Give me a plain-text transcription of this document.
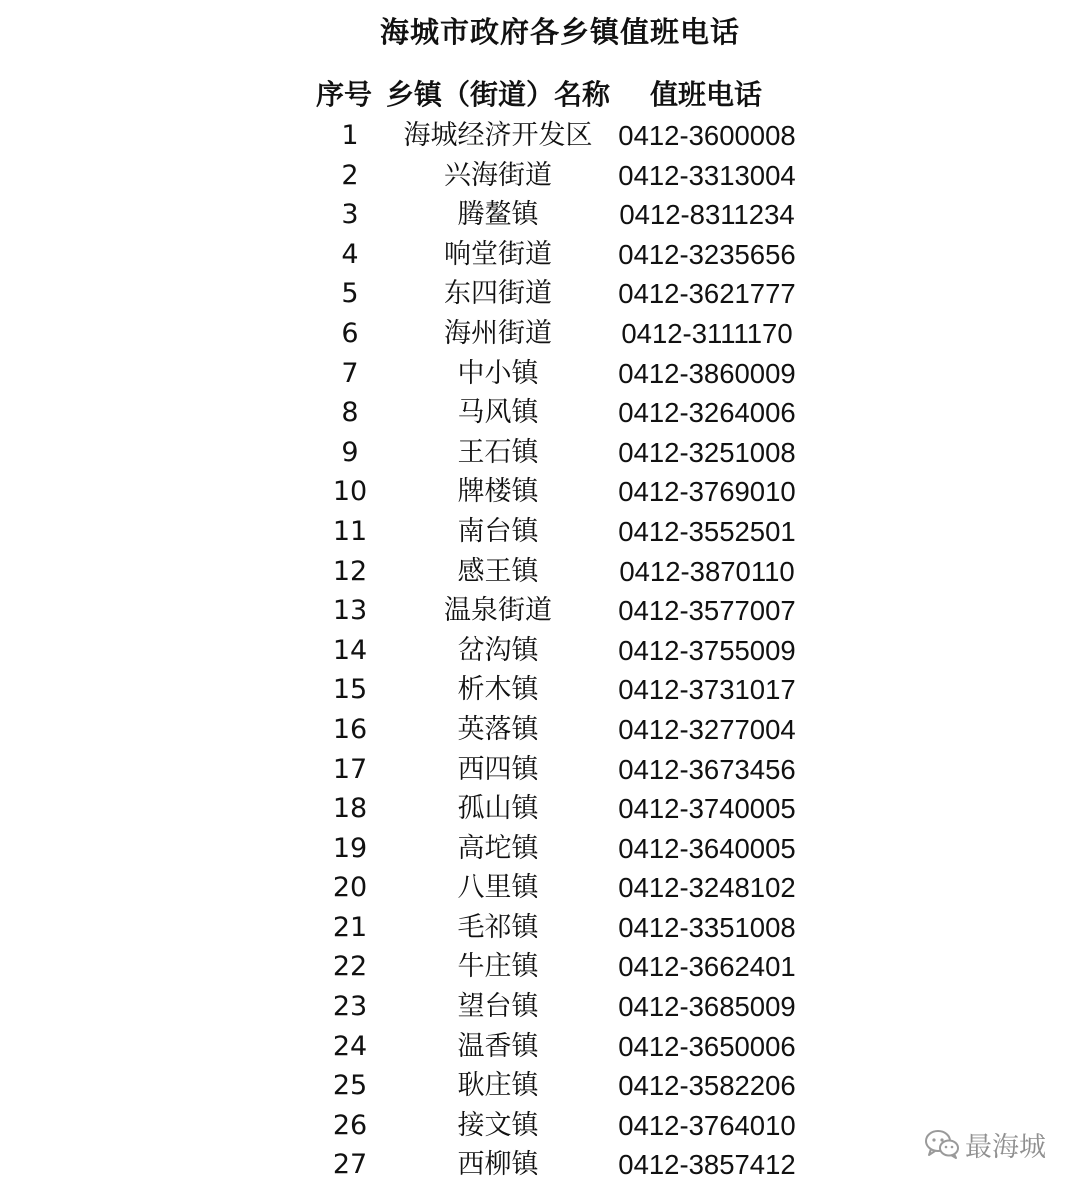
海城市政府各乡镇值班电话
序号 乡镇（街道）名称 值班电话
1	海城经济开发区 0412-3600008
2	兴海街道	0412-3313004
3	腾鳌镇	0412-8311234
4	响堂街道	0412-3235656
5	东四街道	0412-3621777
6	海州街道	0412-3111170
7	中小镇	0412-3860009
8	马风镇	0412-3264006
9	王石镇	0412-3251008
10	牌楼镇	0412-3769010
11	南台镇	0412-3552501
12	感王镇	0412-3870110
13	温泉街道	0412-3577007
14	岔沟镇	0412-3755009
15	析木镇	0412-3731017
16	英落镇	0412-3277004
17	西四镇	0412-3673456
18	孤山镇	0412-3740005
19	高坨镇	0412-3640005
20	八里镇	0412-3248102
21	毛祁镇	0412-3351008
22	牛庄镇	0412-3662401
23	望台镇	0412-3685009
24	温香镇	0412-3650006
25	耿庄镇	0412-3582206
26	接文镇	0412-3764010
27	西柳镇	0412-3857412
最海城
